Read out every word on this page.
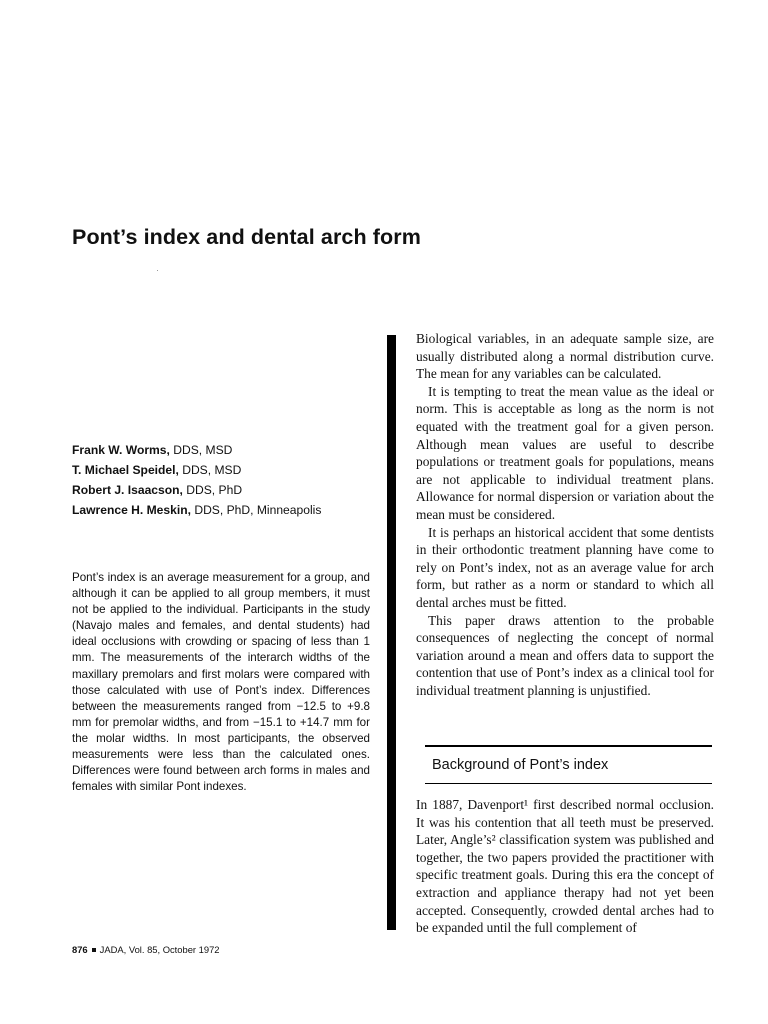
Pont’s index and dental arch form
Frank W. Worms, DDS, MSD
T. Michael Speidel, DDS, MSD
Robert J. Isaacson, DDS, PhD
Lawrence H. Meskin, DDS, PhD, Minneapolis

Pont’s index is an average measurement for a group, and although it can be applied to all group members, it must not be applied to the individual. Participants in the study (Navajo males and females, and dental students) had ideal occlusions with crowding or spacing of less than 1 mm. The measurements of the interarch widths of the maxillary premolars and first molars were compared with those calculated with use of Pont’s index. Differences between the measurements ranged from −12.5 to +9.8 mm for premolar widths, and from −15.1 to +14.7 mm for the molar widths. In most participants, the observed measurements were less than the calculated ones. Differences were found between arch forms in males and females with similar Pont indexes.

Biological variables, in an adequate sample size, are usually distributed along a normal distribution curve. The mean for any variables can be calculated.

It is tempting to treat the mean value as the ideal or norm. This is acceptable as long as the norm is not equated with the treatment goal for a given person. Although mean values are useful to describe populations or treatment goals for populations, means are not applicable to individual treatment plans. Allowance for normal dispersion or variation about the mean must be considered.

It is perhaps an historical accident that some dentists in their orthodontic treatment planning have come to rely on Pont’s index, not as an average value for arch form, but rather as a norm or standard to which all dental arches must be fitted.

This paper draws attention to the probable consequences of neglecting the concept of normal variation around a mean and offers data to support the contention that use of Pont’s index as a clinical tool for individual treatment planning is unjustified.

Background of Pont’s index

In 1887, Davenport¹ first described normal occlusion. It was his contention that all teeth must be preserved. Later, Angle’s² classification system was published and together, the two papers provided the practitioner with specific treatment goals. During this era the concept of extraction and appliance therapy had not yet been accepted. Consequently, crowded dental arches had to be expanded until the full complement of

876 JADA, Vol. 85, October 1972
